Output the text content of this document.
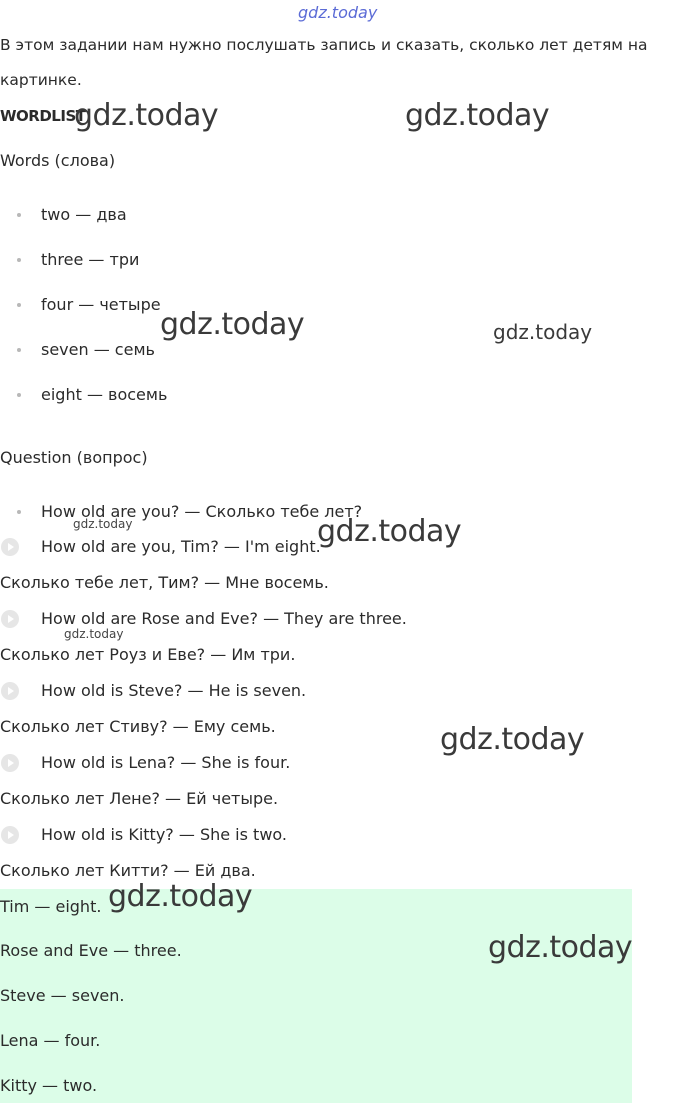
gdz.today
В этом задании нам нужно послушать запись и сказать, сколько лет детям на
картинке.
WORDLIST
Words (слова)
two — два
three — три
four — четыре
seven — семь
eight — восемь
Question (вопрос)
How old are you? — Сколько тебе лет?
How old are you, Tim? — I'm eight.
Сколько тебе лет, Тим? — Мне восемь.
How old are Rose and Eve? — They are three.
Сколько лет Роуз и Еве? — Им три.
How old is Steve? — He is seven.
Сколько лет Стиву? — Ему семь.
How old is Lena? — She is four.
Сколько лет Лене? — Ей четыре.
How old is Kitty? — She is two.
Сколько лет Китти? — Ей два.
Tim — eight.
Rose and Eve — three.
Steve — seven.
Lena — four.
Kitty — two.
gdz.today	gdz.today
gdz.today	gdz.today
gdz.today	gdz.today
gdz.today
gdz.today
gdz.today
gdz.today
